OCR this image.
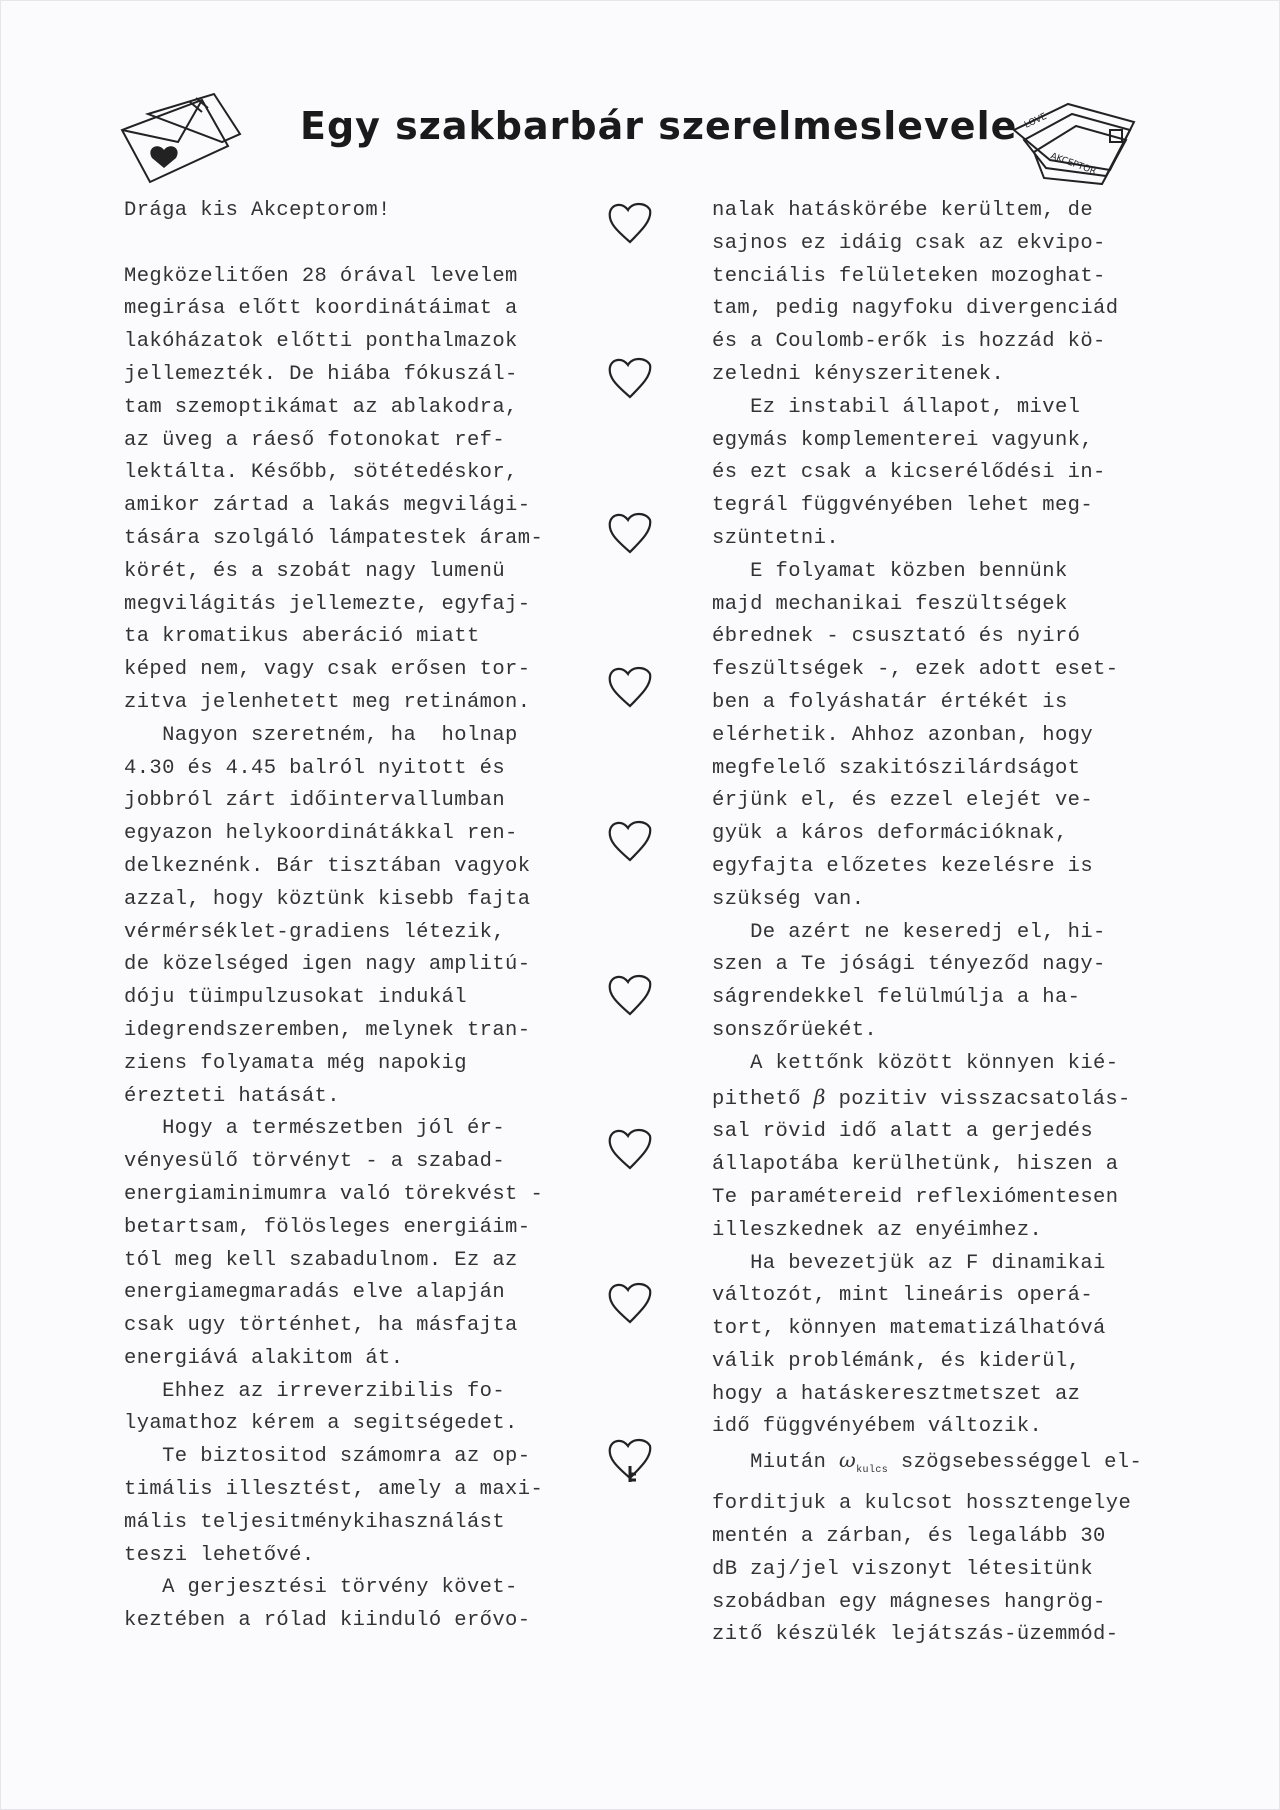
Egy szakbarbár szerelmeslevele LOVE
AKCEPTOR

Drága kis Akceptorom!

Megközelitően 28 órával levelem

megirása előtt koordinátáimat a

lakóházatok előtti ponthalmazok

jellemezték. De hiába fókuszál-

tam szemoptikámat az ablakodra,

az üveg a ráeső fotonokat ref-

lektálta. Később, sötétedéskor,

amikor zártad a lakás megvilági-

tására szolgáló lámpatestek áram-

körét, és a szobát nagy lumenü

megvilágitás jellemezte, egyfaj-

ta kromatikus aberáció miatt

képed nem, vagy csak erősen tor-

zitva jelenhetett meg retinámon.

Nagyon szeretném, ha  holnap

4.30 és 4.45 balról nyitott és

jobbról zárt időintervallumban

egyazon helykoordinátákkal ren-

delkeznénk. Bár tisztában vagyok

azzal, hogy köztünk kisebb fajta

vérmérséklet-gradiens létezik,

de közelséged igen nagy amplitú-

dóju tüimpulzusokat indukál

idegrendszeremben, melynek tran-

ziens folyamata még napokig

érezteti hatását.

Hogy a természetben jól ér-

vényesülő törvényt - a szabad-

energiaminimumra való törekvést -

betartsam, fölösleges energiáim-

tól meg kell szabadulnom. Ez az

energiamegmaradás elve alapján

csak ugy történhet, ha másfajta

energiává alakitom át.

Ehhez az irreverzibilis fo-

lyamathoz kérem a segitségedet.

Te biztositod számomra az op-

timális illesztést, amely a maxi-

mális teljesitménykihasználást

teszi lehetővé.

A gerjesztési törvény követ-

keztében a rólad kiinduló erővo-

nalak hatáskörébe kerültem, de

sajnos ez idáig csak az ekvipo-

tenciális felületeken mozoghat-

tam, pedig nagyfoku divergenciád

és a Coulomb-erők is hozzád kö-

zeledni kényszeritenek.

Ez instabil állapot, mivel

egymás komplementerei vagyunk,

és ezt csak a kicserélődési in-

tegrál függvényében lehet meg-

szüntetni.

E folyamat közben bennünk

majd mechanikai feszültségek

ébrednek - csusztató és nyiró

feszültségek -, ezek adott eset-

ben a folyáshatár értékét is

elérhetik. Ahhoz azonban, hogy

megfelelő szakitószilárdságot

érjünk el, és ezzel elejét ve-

gyük a káros deformációknak,

egyfajta előzetes kezelésre is

szükség van.

De azért ne keseredj el, hi-

szen a Te jósági tényeződ nagy-

ságrendekkel felülmúlja a ha-

sonszőrüekét.

A kettőnk között könnyen kié-

pithető β pozitiv visszacsatolás-

sal rövid idő alatt a gerjedés

állapotába kerülhetünk, hiszen a

Te paramétereid reflexiómentesen

illeszkednek az enyéimhez.

Ha bevezetjük az F dinamikai

változót, mint lineáris operá-

tort, könnyen matematizálhatóvá

válik problémánk, és kiderül,

hogy a hatáskeresztmetszet az

idő függvényébem változik.

Miután $\omega_{kulcs}$ szögsebességgel el-

forditjuk a kulcsot hossztengelye

mentén a zárban, és legalább 30

dB zaj/jel viszonyt létesitünk

szobádban egy mágneses hangrög-

zitő készülék lejátszás-üzemmód-
